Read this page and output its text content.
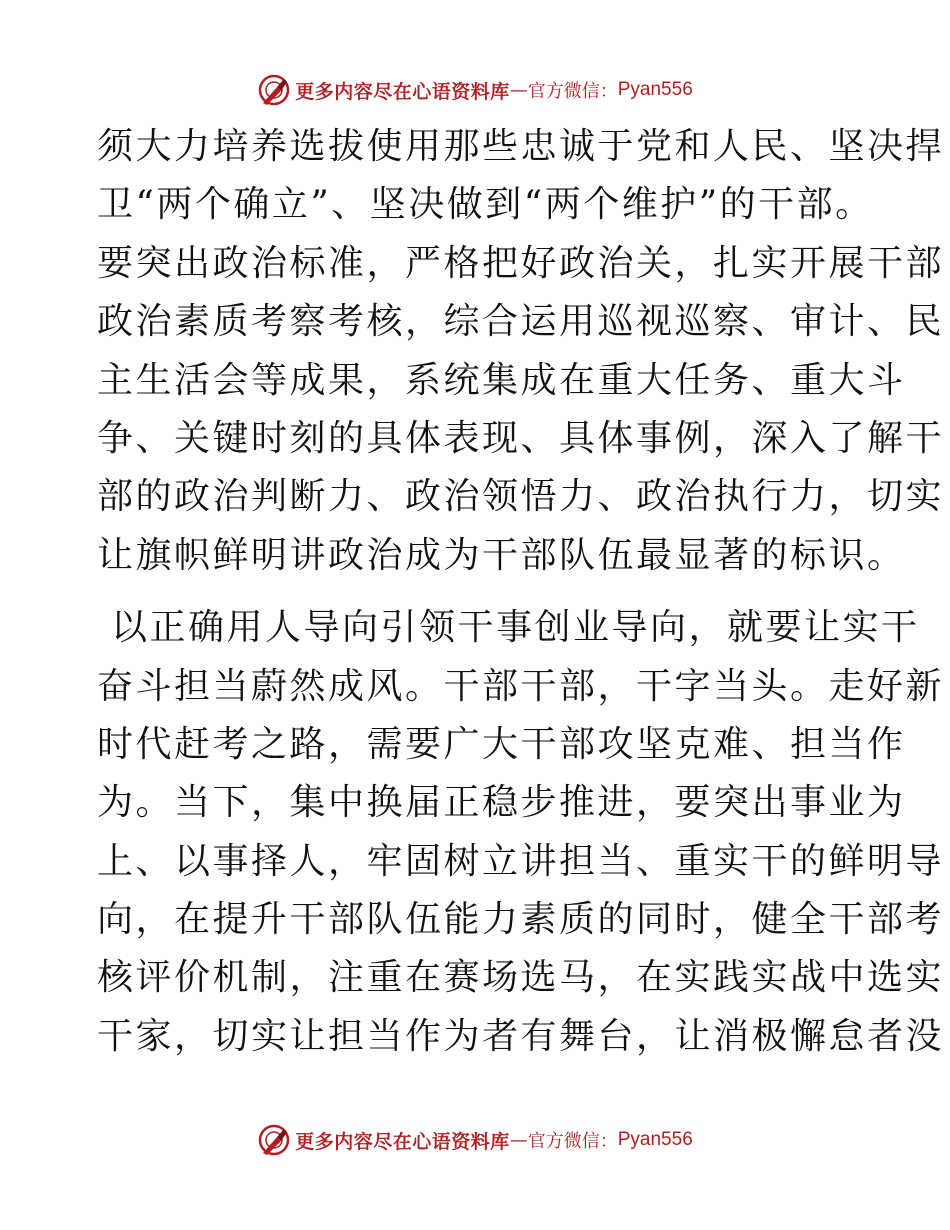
更多内容尽在心语资料库 — 官方微信： Pyan556
须大力培养选拔使用那些忠诚于党和人民、坚决捍
卫“两个确立”、坚决做到“两个维护”的干部。
要突出政治标准，严格把好政治关，扎实开展干部
政治素质考察考核，综合运用巡视巡察、审计、民
主生活会等成果，系统集成在重大任务、重大斗
争、关键时刻的具体表现、具体事例，深入了解干
部的政治判断力、政治领悟力、政治执行力，切实
让旗帜鲜明讲政治成为干部队伍最显著的标识。
以正确用人导向引领干事创业导向，就要让实干
奋斗担当蔚然成风。干部干部，干字当头。走好新
时代赶考之路，需要广大干部攻坚克难、担当作
为。当下，集中换届正稳步推进，要突出事业为
上、以事择人，牢固树立讲担当、重实干的鲜明导
向，在提升干部队伍能力素质的同时，健全干部考
核评价机制，注重在赛场选马，在实践实战中选实
干家，切实让担当作为者有舞台，让消极懈怠者没
更多内容尽在心语资料库 — 官方微信： Pyan556
